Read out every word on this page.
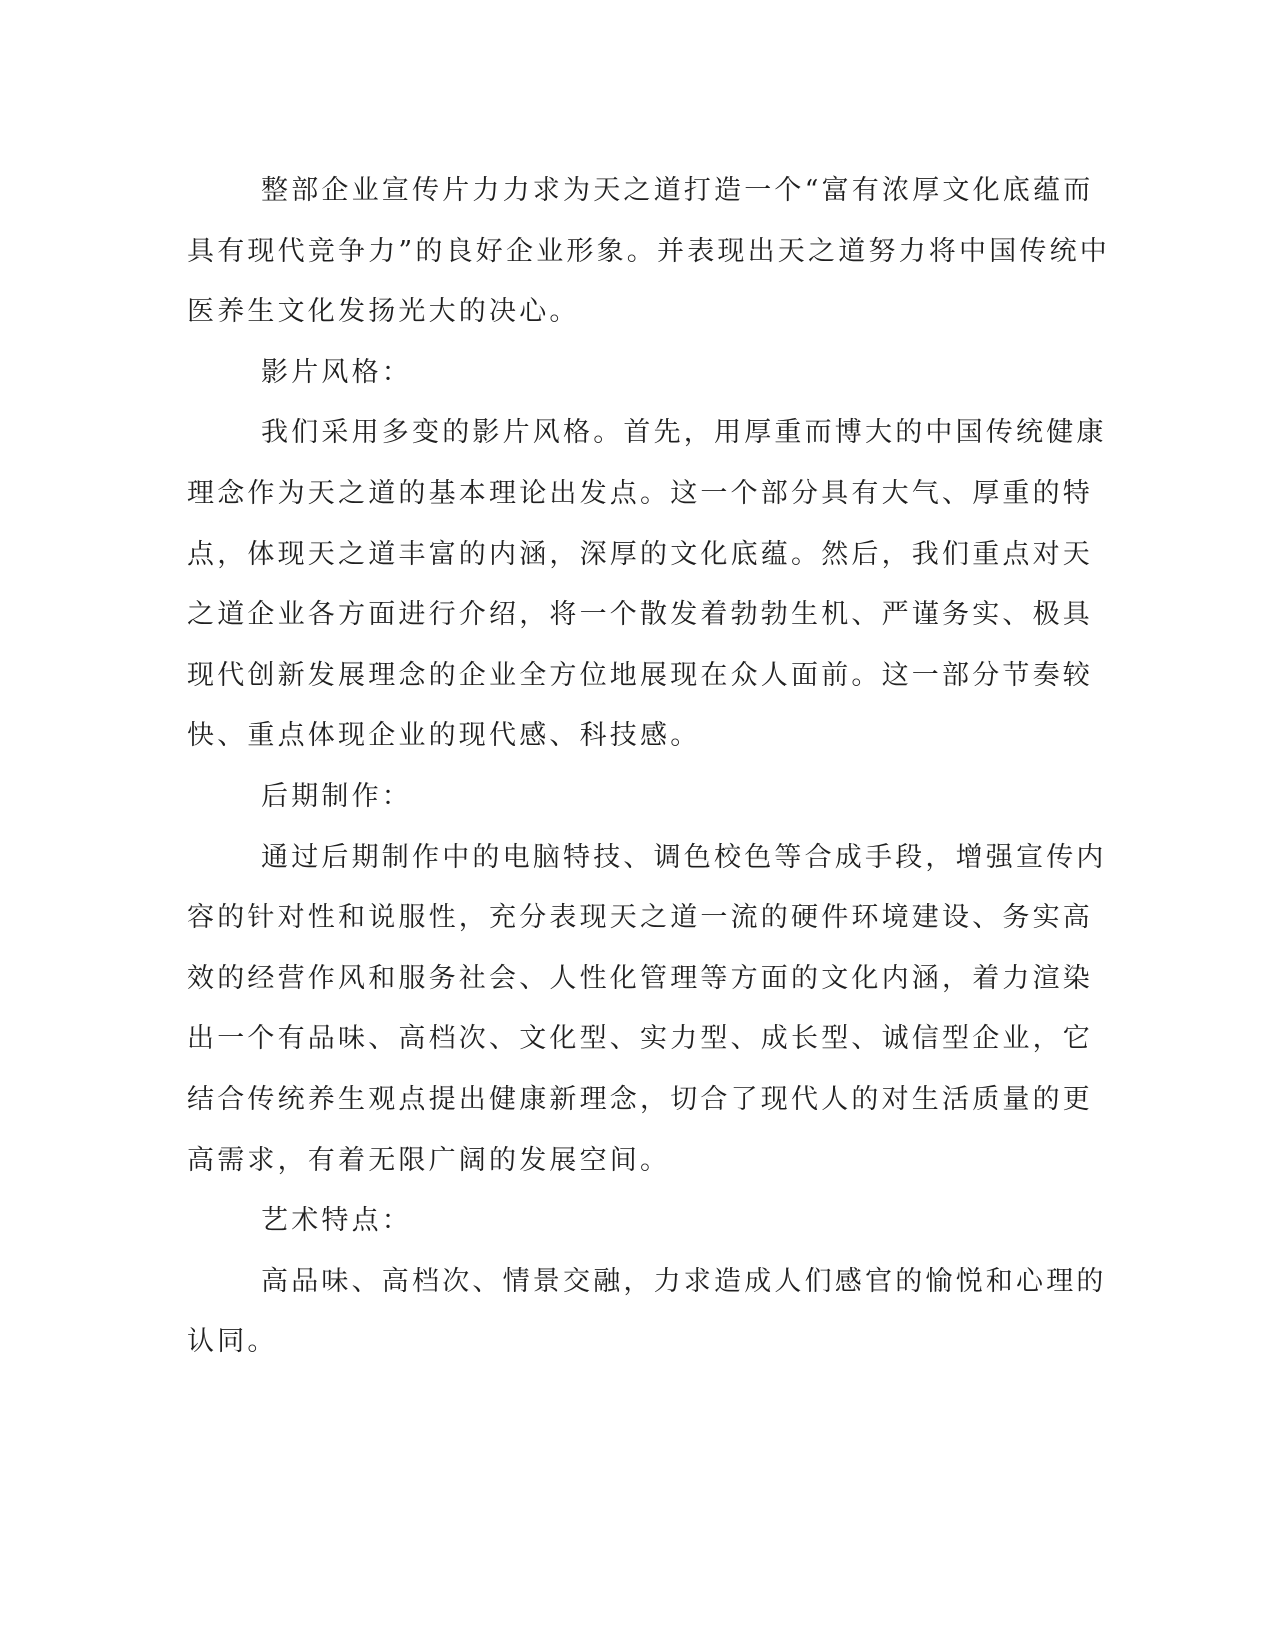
整部企业宣传片力力求为天之道打造一个“富有浓厚文化底蕴而
具有现代竞争力”的良好企业形象。并表现出天之道努力将中国传统中
医养生文化发扬光大的决心。

影片风格：

我们采用多变的影片风格。首先，用厚重而博大的中国传统健康
理念作为天之道的基本理论出发点。这一个部分具有大气、厚重的特
点，体现天之道丰富的内涵，深厚的文化底蕴。然后，我们重点对天
之道企业各方面进行介绍，将一个散发着勃勃生机、严谨务实、极具
现代创新发展理念的企业全方位地展现在众人面前。这一部分节奏较
快、重点体现企业的现代感、科技感。

后期制作：

通过后期制作中的电脑特技、调色校色等合成手段，增强宣传内
容的针对性和说服性，充分表现天之道一流的硬件环境建设、务实高
效的经营作风和服务社会、人性化管理等方面的文化内涵，着力渲染
出一个有品味、高档次、文化型、实力型、成长型、诚信型企业，它
结合传统养生观点提出健康新理念，切合了现代人的对生活质量的更
高需求，有着无限广阔的发展空间。

艺术特点：

高品味、高档次、情景交融，力求造成人们感官的愉悦和心理的
认同。
